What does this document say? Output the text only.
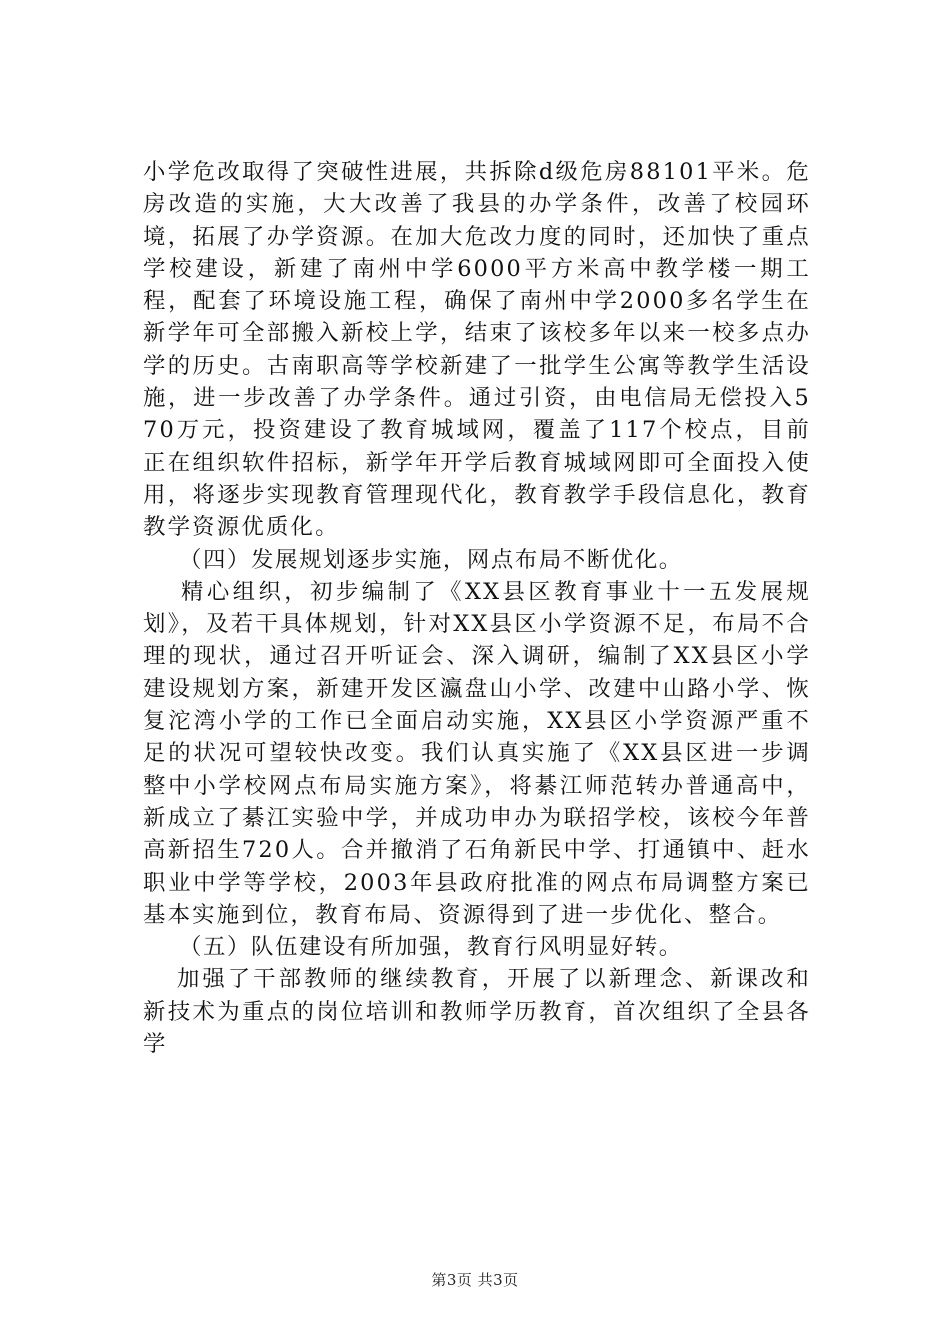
小学危改取得了突破性进展，共拆除d级危房88101平米。危房改造的实施，大大改善了我县的办学条件，改善了校园环境，拓展了办学资源。在加大危改力度的同时，还加快了重点学校建设，新建了南州中学6000平方米高中教学楼一期工程，配套了环境设施工程，确保了南州中学2000多名学生在新学年可全部搬入新校上学，结束了该校多年以来一校多点办学的历史。古南职高等学校新建了一批学生公寓等教学生活设施，进一步改善了办学条件。通过引资，由电信局无偿投入570万元，投资建设了教育城域网，覆盖了117个校点，目前正在组织软件招标，新学年开学后教育城域网即可全面投入使用，将逐步实现教育管理现代化，教育教学手段信息化，教育教学资源优质化。

（四）发展规划逐步实施，网点布局不断优化。

精心组织，初步编制了《XX县区教育事业十一五发展规划》，及若干具体规划，针对XX县区小学资源不足，布局不合理的现状，通过召开听证会、深入调研，编制了XX县区小学建设规划方案，新建开发区瀛盘山小学、改建中山路小学、恢复沱湾小学的工作已全面启动实施，XX县区小学资源严重不足的状况可望较快改变。我们认真实施了《XX县区进一步调整中小学校网点布局实施方案》，将綦江师范转办普通高中，新成立了綦江实验中学，并成功申办为联招学校，该校今年普高新招生720人。合并撤消了石角新民中学、打通镇中、赶水职业中学等学校，2003年县政府批准的网点布局调整方案已基本实施到位，教育布局、资源得到了进一步优化、整合。

（五）队伍建设有所加强，教育行风明显好转。

加强了干部教师的继续教育，开展了以新理念、新课改和新技术为重点的岗位培训和教师学历教育，首次组织了全县各学

第3页 共3页
